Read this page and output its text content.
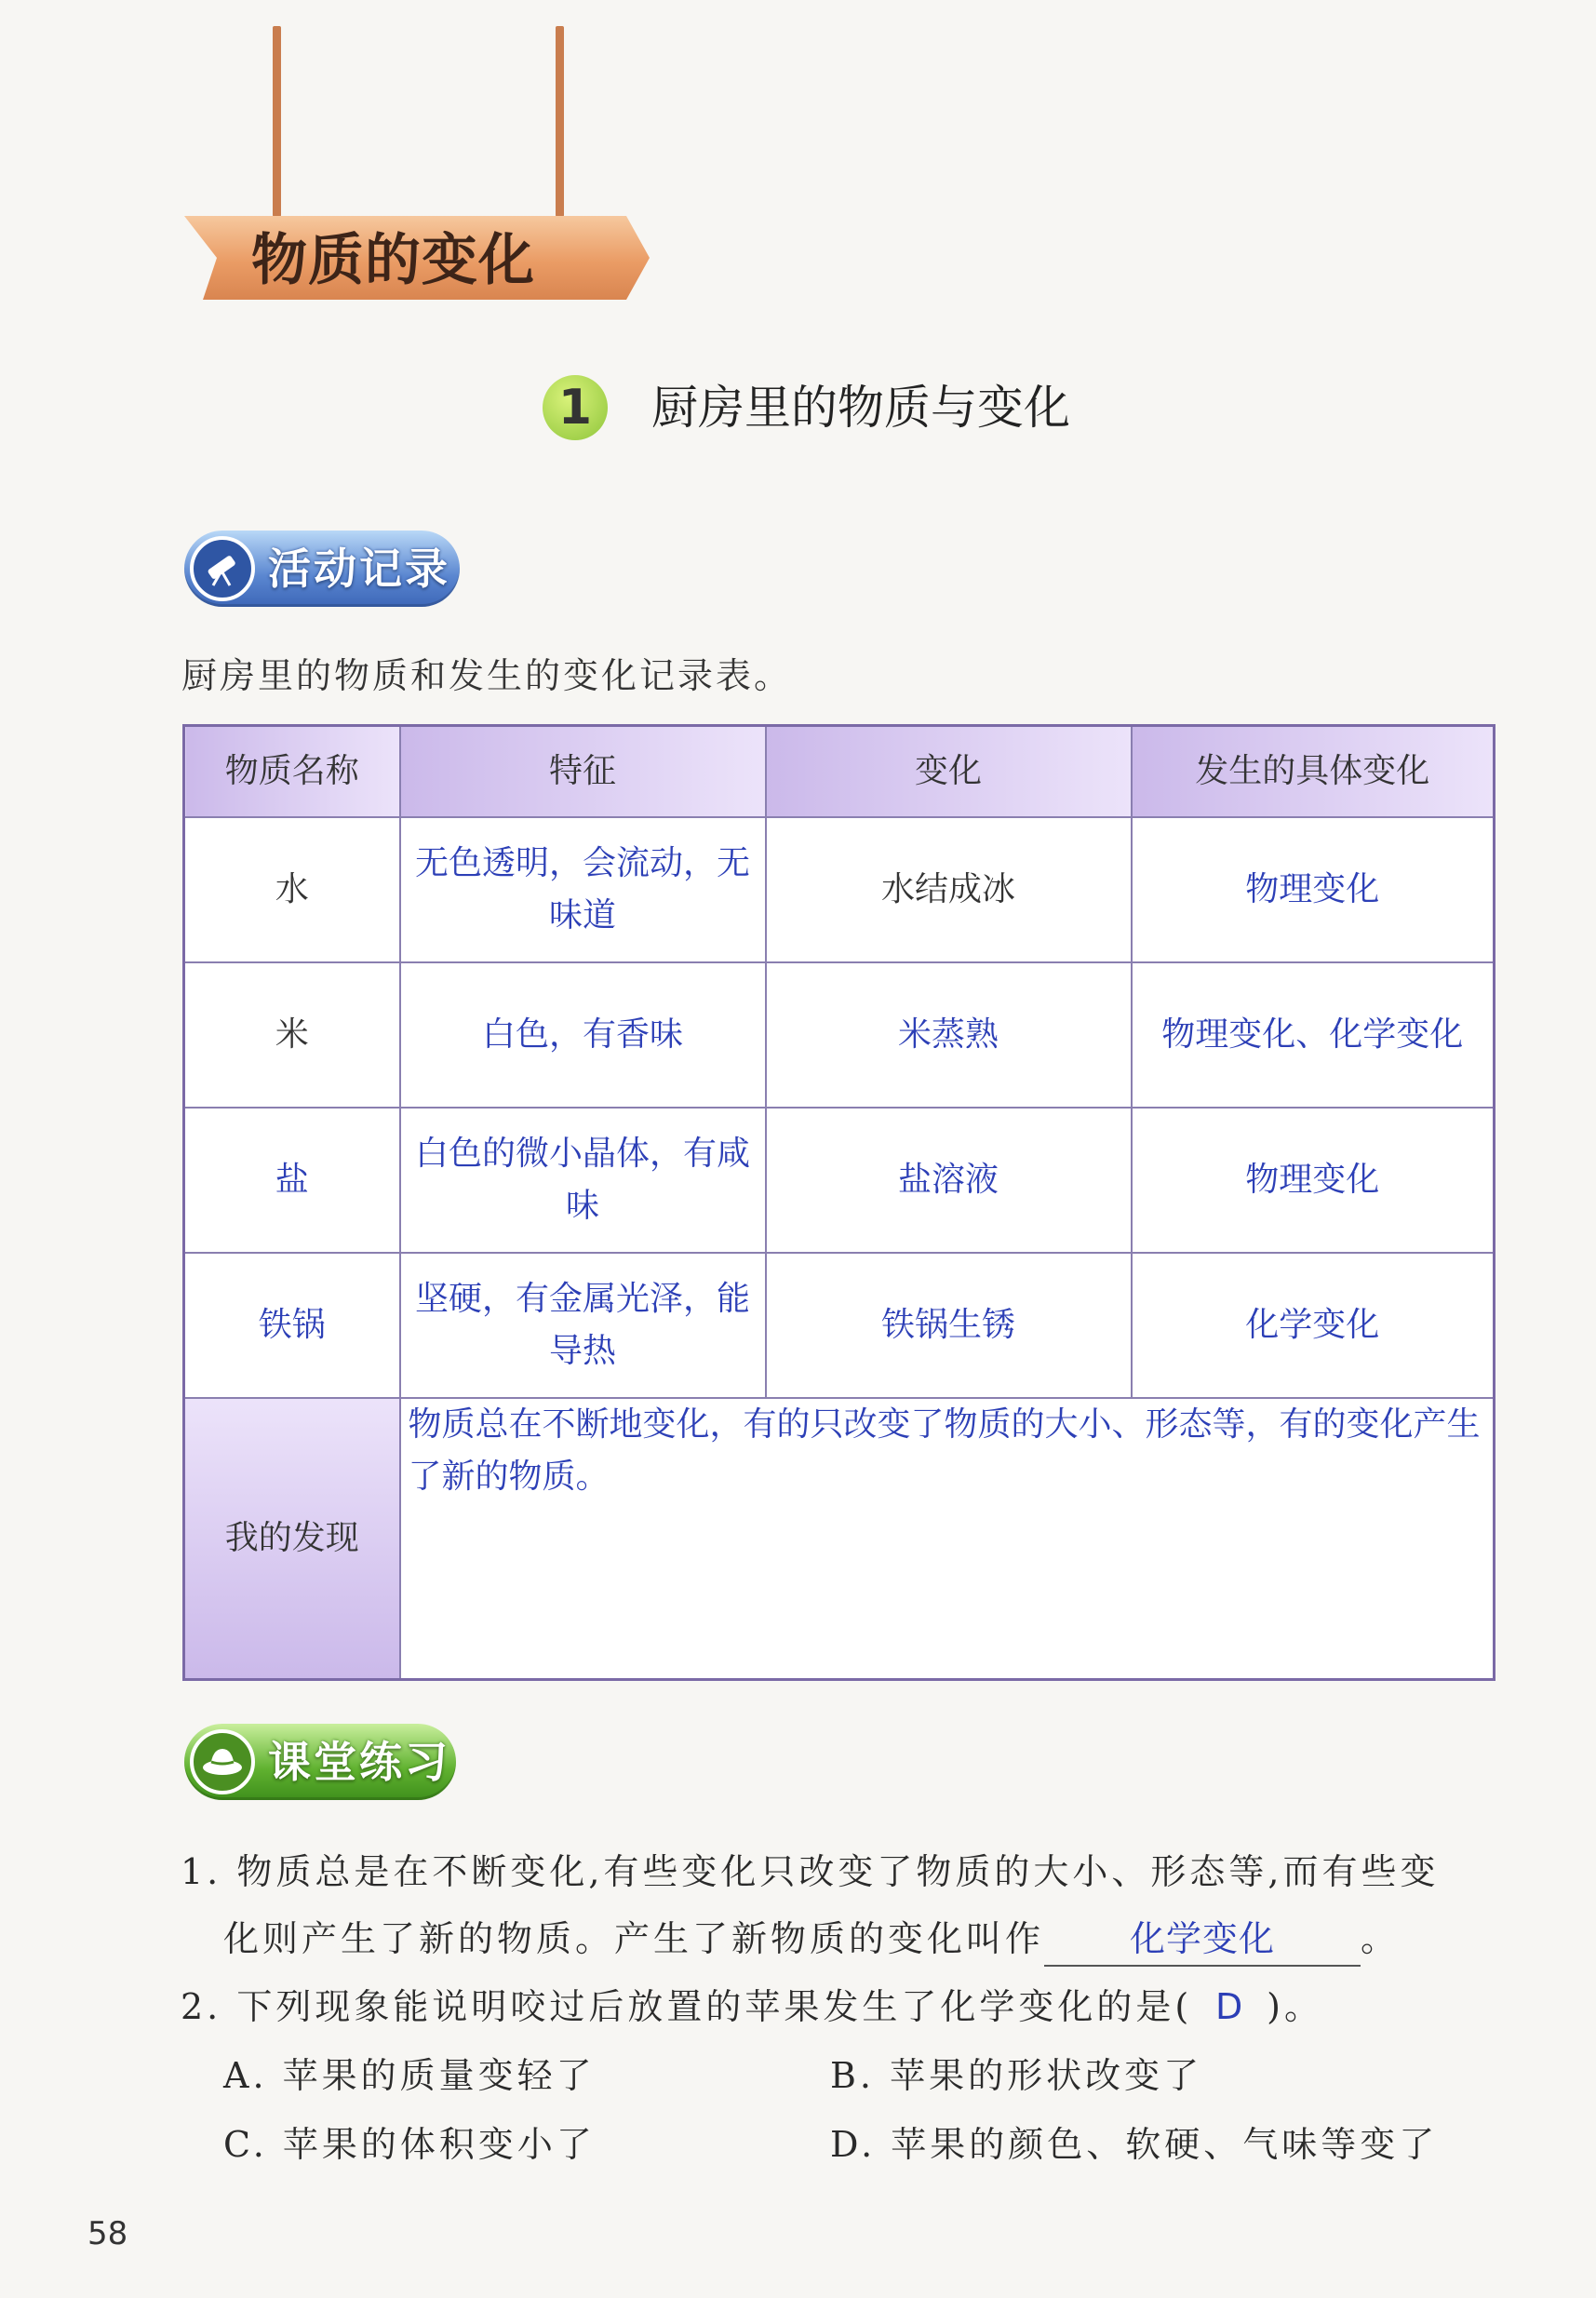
物质的变化
1	厨房里的物质与变化
活动记录
厨房里的物质和发生的变化记录表。
物质名称	特征	变化	发生的具体变化
水	无色透明，会流动，无味道	水结成冰	物理变化
米	白色，有香味	米蒸熟	物理变化、化学变化
盐	白色的微小晶体，有咸味	盐溶液	物理变化
铁锅	坚硬，有金属光泽，能导热	铁锅生锈	化学变化
我的发现	物质总在不断地变化，有的只改变了物质的大小、形态等，有的变化产生了新的物质。		
课堂练习
1. 物质总是在不断变化,有些变化只改变了物质的大小、形态等,而有些变
化则产生了新的物质。产生了新物质的变化叫作 化学变化 。
2. 下列现象能说明咬过后放置的苹果发生了化学变化的是( D )。
A. 苹果的质量变轻了	B. 苹果的形状改变了
C. 苹果的体积变小了	D. 苹果的颜色、软硬、气味等变了
58
